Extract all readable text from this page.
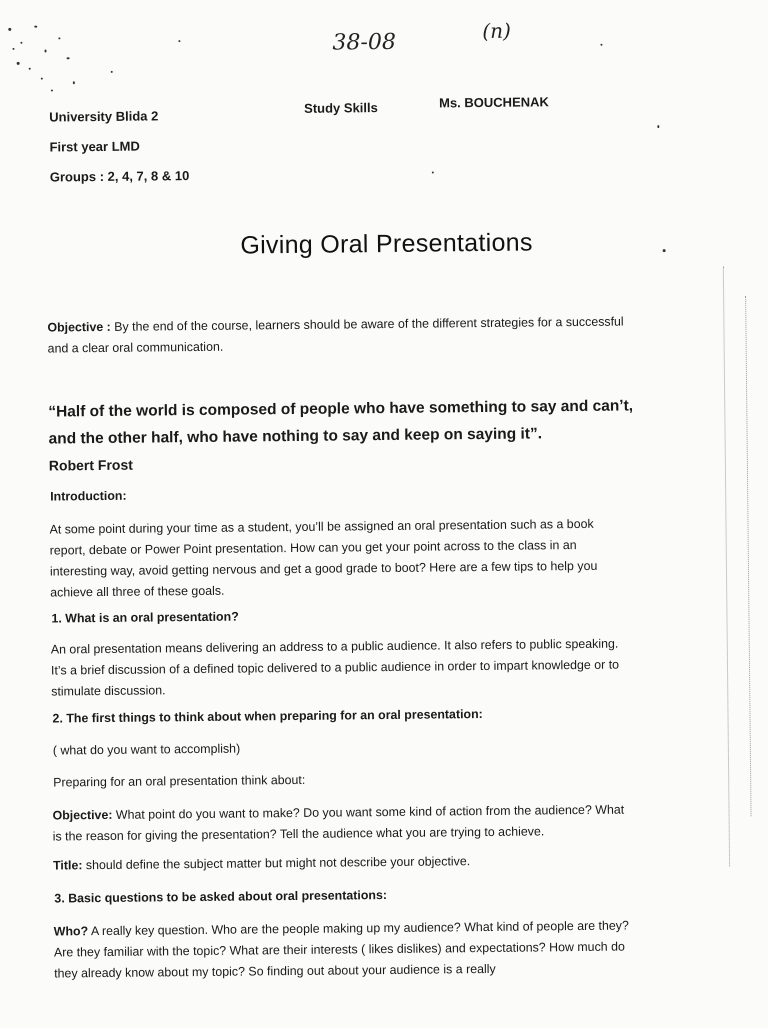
38-08	(n)
University Blida 2
Study Skills	Ms. BOUCHENAK
First year LMD
Groups : 2, 4, 7, 8 & 10
Giving Oral Presentations
Objective : By the end of the course, learners should be aware of the different strategies for a successful and a clear oral communication.
“Half of the world is composed of people who have something to say and can’t, and the other half, who have nothing to say and keep on saying it”.
Robert Frost
Introduction:
At some point during your time as a student, you’ll be assigned an oral presentation such as a book report, debate or Power Point presentation. How can you get your point across to the class in an interesting way, avoid getting nervous and get a good grade to boot? Here are a few tips to help you achieve all three of these goals.
1. What is an oral presentation?
An oral presentation means delivering an address to a public audience. It also refers to public speaking. It’s a brief discussion of a defined topic delivered to a public audience in order to impart knowledge or to stimulate discussion.
2. The first things to think about when preparing for an oral presentation:
( what do you want to accomplish)
Preparing for an oral presentation think about:
Objective: What point do you want to make? Do you want some kind of action from the audience? What is the reason for giving the presentation? Tell the audience what you are trying to achieve.
Title: should define the subject matter but might not describe your objective.
3. Basic questions to be asked about oral presentations:
Who? A really key question. Who are the people making up my audience? What kind of people are they? Are they familiar with the topic? What are their interests ( likes dislikes) and expectations? How much do they already know about my topic? So finding out about your audience is a really
